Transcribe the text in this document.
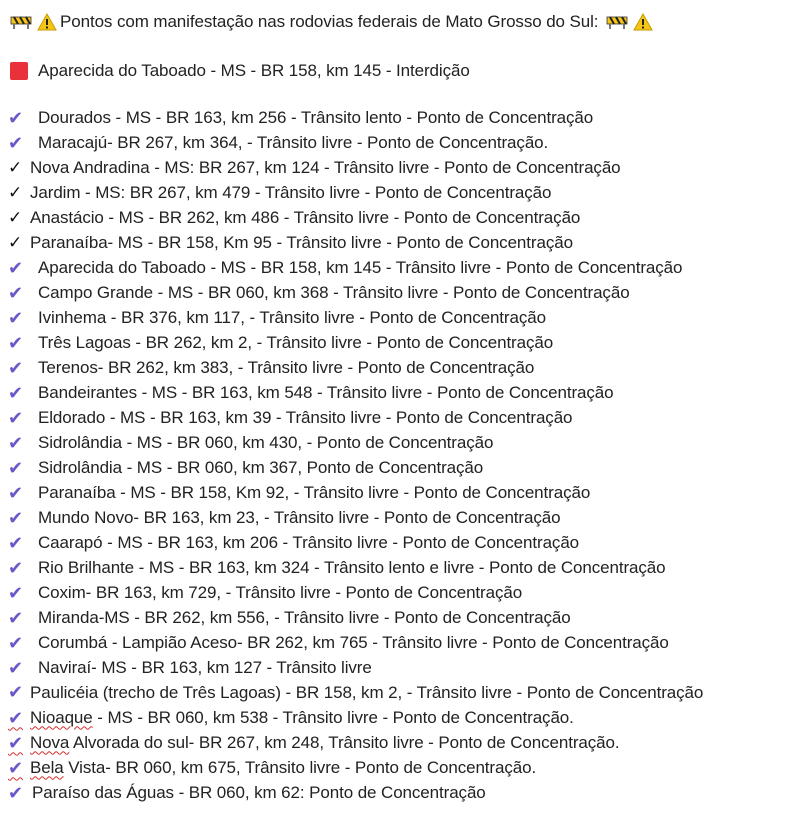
Pontos com manifestação nas rodovias federais de Mato Grosso do Sul:
Aparecida do Taboado - MS - BR 158, km 145 - Interdição
✔ Dourados - MS - BR 163, km 256 - Trânsito lento - Ponto de Concentração
✔ Maracajú- BR 267, km 364, - Trânsito livre - Ponto de Concentração.
✓ Nova Andradina - MS: BR 267, km 124 - Trânsito livre - Ponto de Concentração
✓ Jardim - MS: BR 267, km 479 - Trânsito livre - Ponto de Concentração
✓ Anastácio - MS - BR 262, km 486 - Trânsito livre - Ponto de Concentração
✓ Paranaíba- MS - BR 158, Km 95 - Trânsito livre - Ponto de Concentração
✔ Aparecida do Taboado - MS - BR 158, km 145 - Trânsito livre - Ponto de Concentração
✔ Campo Grande - MS - BR 060, km 368 - Trânsito livre - Ponto de Concentração
✔ Ivinhema - BR 376, km 117, - Trânsito livre - Ponto de Concentração
✔ Três Lagoas - BR 262, km 2, - Trânsito livre - Ponto de Concentração
✔ Terenos- BR 262, km 383, - Trânsito livre - Ponto de Concentração
✔ Bandeirantes - MS - BR 163, km 548 - Trânsito livre - Ponto de Concentração
✔ Eldorado - MS - BR 163, km 39 - Trânsito livre - Ponto de Concentração
✔ Sidrolândia - MS - BR 060, km 430, - Ponto de Concentração
✔ Sidrolândia - MS - BR 060, km 367, Ponto de Concentração
✔ Paranaíba - MS - BR 158, Km 92, - Trânsito livre - Ponto de Concentração
✔ Mundo Novo- BR 163, km 23, - Trânsito livre - Ponto de Concentração
✔ Caarapó - MS - BR 163, km 206 - Trânsito livre - Ponto de Concentração
✔ Rio Brilhante - MS - BR 163, km 324 - Trânsito lento e livre - Ponto de Concentração
✔ Coxim- BR 163, km 729, - Trânsito livre - Ponto de Concentração
✔ Miranda-MS - BR 262, km 556, - Trânsito livre - Ponto de Concentração
✔ Corumbá - Lampião Aceso- BR 262, km 765 - Trânsito livre - Ponto de Concentração
✔ Naviraí- MS - BR 163, km 127 - Trânsito livre
✔ Paulicéia (trecho de Três Lagoas) - BR 158, km 2, - Trânsito livre - Ponto de Concentração
✔ Nioaque - MS - BR 060, km 538 - Trânsito livre - Ponto de Concentração.
✔ Nova Alvorada do sul- BR 267, km 248, Trânsito livre - Ponto de Concentração.
✔ Bela Vista- BR 060, km 675, Trânsito livre - Ponto de Concentração.
✔ Paraíso das Águas - BR 060, km 62: Ponto de Concentração
